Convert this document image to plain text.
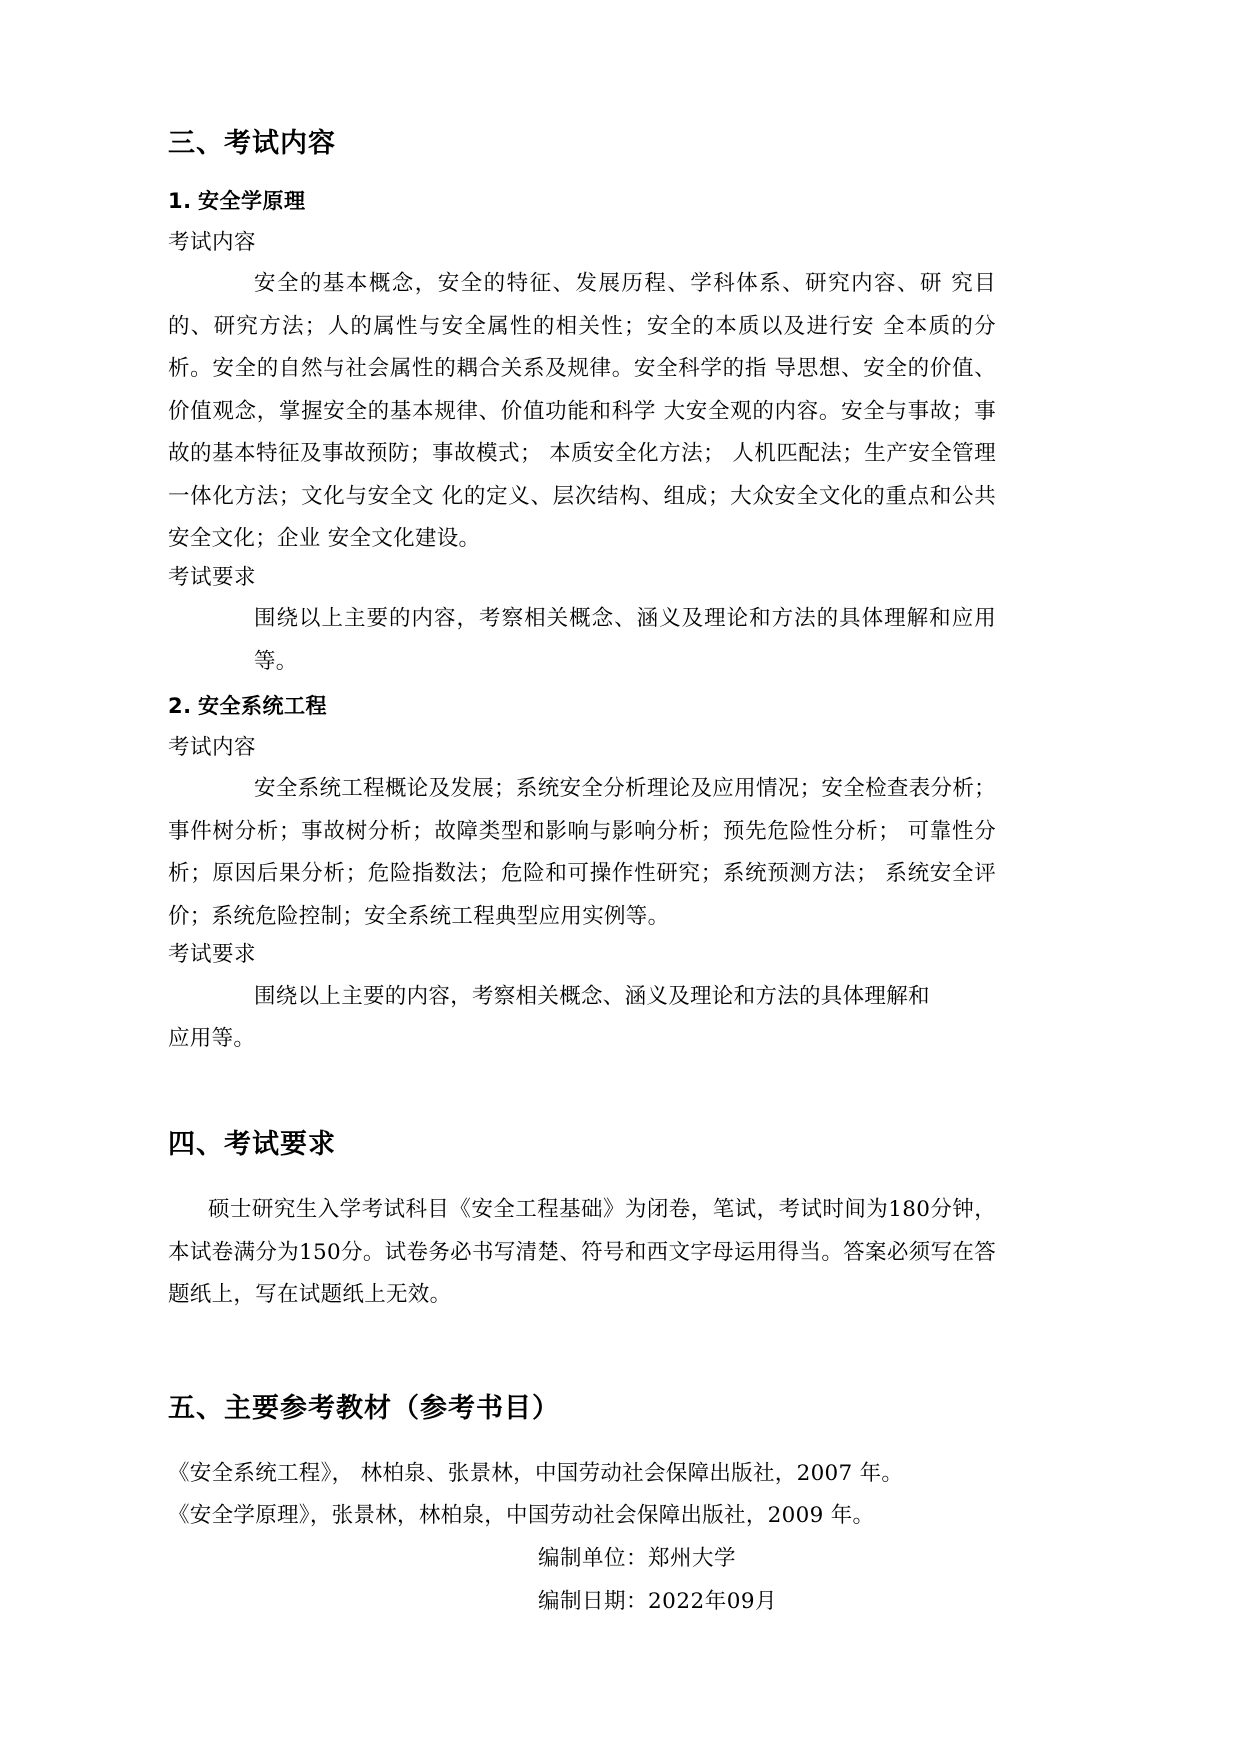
三、考试内容
1. 安全学原理

考试内容

安全的基本概念，安全的特征、发展历程、学科体系、研究内容、研 究目的、研究方法；人的属性与安全属性的相关性；安全的本质以及进行安 全本质的分析。安全的自然与社会属性的耦合关系及规律。安全科学的指 导思想、安全的价值、价值观念，掌握安全的基本规律、价值功能和科学 大安全观的内容。安全与事故；事故的基本特征及事故预防；事故模式； 本质安全化方法； 人机匹配法；生产安全管理一体化方法；文化与安全文 化的定义、层次结构、组成；大众安全文化的重点和公共安全文化；企业 安全文化建设。

考试要求

围绕以上主要的内容，考察相关概念、涵义及理论和方法的具体理解和应用等。

2. 安全系统工程

考试内容

安全系统工程概论及发展；系统安全分析理论及应用情况；安全检查表分析；事件树分析；事故树分析；故障类型和影响与影响分析；预先危险性分析； 可靠性分析；原因后果分析；危险指数法；危险和可操作性研究；系统预测方法； 系统安全评价；系统危险控制；安全系统工程典型应用实例等。

考试要求

围绕以上主要的内容，考察相关概念、涵义及理论和方法的具体理解和

应用等。

四、考试要求

硕士研究生入学考试科目《安全工程基础》为闭卷，笔试，考试时间为180分钟，本试卷满分为150分。试卷务必书写清楚、符号和西文字母运用得当。答案必须写在答题纸上，写在试题纸上无效。

五、主要参考教材（参考书目）

《安全系统工程》， 林柏泉、张景林，中国劳动社会保障出版社，2007 年。

《安全学原理》，张景林，林柏泉，中国劳动社会保障出版社，2009 年。

编制单位：郑州大学

编制日期：2022年09月
